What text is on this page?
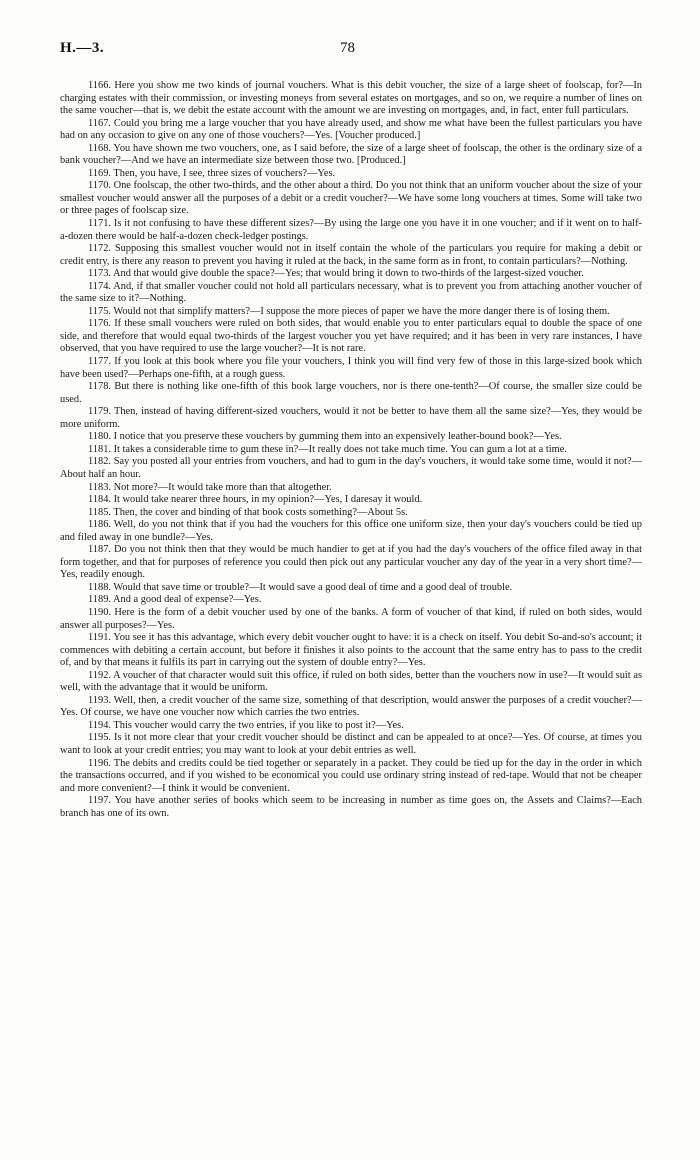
H.—3.	78

1166. Here you show me two kinds of journal vouchers. What is this debit voucher, the size of a large sheet of foolscap, for?—In charging estates with their commission, or investing moneys from several estates on mortgages, and so on, we require a number of lines on the same voucher—that is, we debit the estate account with the amount we are investing on mortgages, and, in fact, enter full particulars.

1167. Could you bring me a large voucher that you have already used, and show me what have been the fullest particulars you have had on any occasion to give on any one of those vouchers?—Yes. [Voucher produced.]

1168. You have shown me two vouchers, one, as I said before, the size of a large sheet of foolscap, the other is the ordinary size of a bank voucher?—And we have an intermediate size between those two. [Produced.]

1169. Then, you have, I see, three sizes of vouchers?—Yes.

1170. One foolscap, the other two-thirds, and the other about a third. Do you not think that an uniform voucher about the size of your smallest voucher would answer all the purposes of a debit or a credit voucher?—We have some long vouchers at times. Some will take two or three pages of foolscap size.

1171. Is it not confusing to have these different sizes?—By using the large one you have it in one voucher; and if it went on to half-a-dozen there would be half-a-dozen check-ledger postings.

1172. Supposing this smallest voucher would not in itself contain the whole of the particulars you require for making a debit or credit entry, is there any reason to prevent you having it ruled at the back, in the same form as in front, to contain particulars?—Nothing.

1173. And that would give double the space?—Yes; that would bring it down to two-thirds of the largest-sized voucher.

1174. And, if that smaller voucher could not hold all particulars necessary, what is to prevent you from attaching another voucher of the same size to it?—Nothing.

1175. Would not that simplify matters?—I suppose the more pieces of paper we have the more danger there is of losing them.

1176. If these small vouchers were ruled on both sides, that would enable you to enter particulars equal to double the space of one side, and therefore that would equal two-thirds of the largest voucher you yet have required; and it has been in very rare instances, I have observed, that you have required to use the large voucher?—It is not rare.

1177. If you look at this book where you file your vouchers, I think you will find very few of those in this large-sized book which have been used?—Perhaps one-fifth, at a rough guess.

1178. But there is nothing like one-fifth of this book large vouchers, nor is there one-tenth?—Of course, the smaller size could be used.

1179. Then, instead of having different-sized vouchers, would it not be better to have them all the same size?—Yes, they would be more uniform.

1180. I notice that you preserve these vouchers by gumming them into an expensively leather-bound book?—Yes.

1181. It takes a considerable time to gum these in?—It really does not take much time. You can gum a lot at a time.

1182. Say you posted all your entries from vouchers, and had to gum in the day's vouchers, it would take some time, would it not?—About half an hour.

1183. Not more?—It would take more than that altogether.

1184. It would take nearer three hours, in my opinion?—Yes, I daresay it would.

1185. Then, the cover and binding of that book costs something?—About 5s.

1186. Well, do you not think that if you had the vouchers for this office one uniform size, then your day's vouchers could be tied up and filed away in one bundle?—Yes.

1187. Do you not think then that they would be much handier to get at if you had the day's vouchers of the office filed away in that form together, and that for purposes of reference you could then pick out any particular voucher any day of the year in a very short time?—Yes, readily enough.

1188. Would that save time or trouble?—It would save a good deal of time and a good deal of trouble.

1189. And a good deal of expense?—Yes.

1190. Here is the form of a debit voucher used by one of the banks. A form of voucher of that kind, if ruled on both sides, would answer all purposes?—Yes.

1191. You see it has this advantage, which every debit voucher ought to have: it is a check on itself. You debit So-and-so's account; it commences with debiting a certain account, but before it finishes it also points to the account that the same entry has to pass to the credit of, and by that means it fulfils its part in carrying out the system of double entry?—Yes.

1192. A voucher of that character would suit this office, if ruled on both sides, better than the vouchers now in use?—It would suit as well, with the advantage that it would be uniform.

1193. Well, then, a credit voucher of the same size, something of that description, would answer the purposes of a credit voucher?—Yes. Of course, we have one voucher now which carries the two entries.

1194. This voucher would carry the two entries, if you like to post it?—Yes.

1195. Is it not more clear that your credit voucher should be distinct and can be appealed to at once?—Yes. Of course, at times you want to look at your credit entries; you may want to look at your debit entries as well.

1196. The debits and credits could be tied together or separately in a packet. They could be tied up for the day in the order in which the transactions occurred, and if you wished to be economical you could use ordinary string instead of red-tape. Would that not be cheaper and more convenient?—I think it would be convenient.

1197. You have another series of books which seem to be increasing in number as time goes on, the Assets and Claims?—Each branch has one of its own.
